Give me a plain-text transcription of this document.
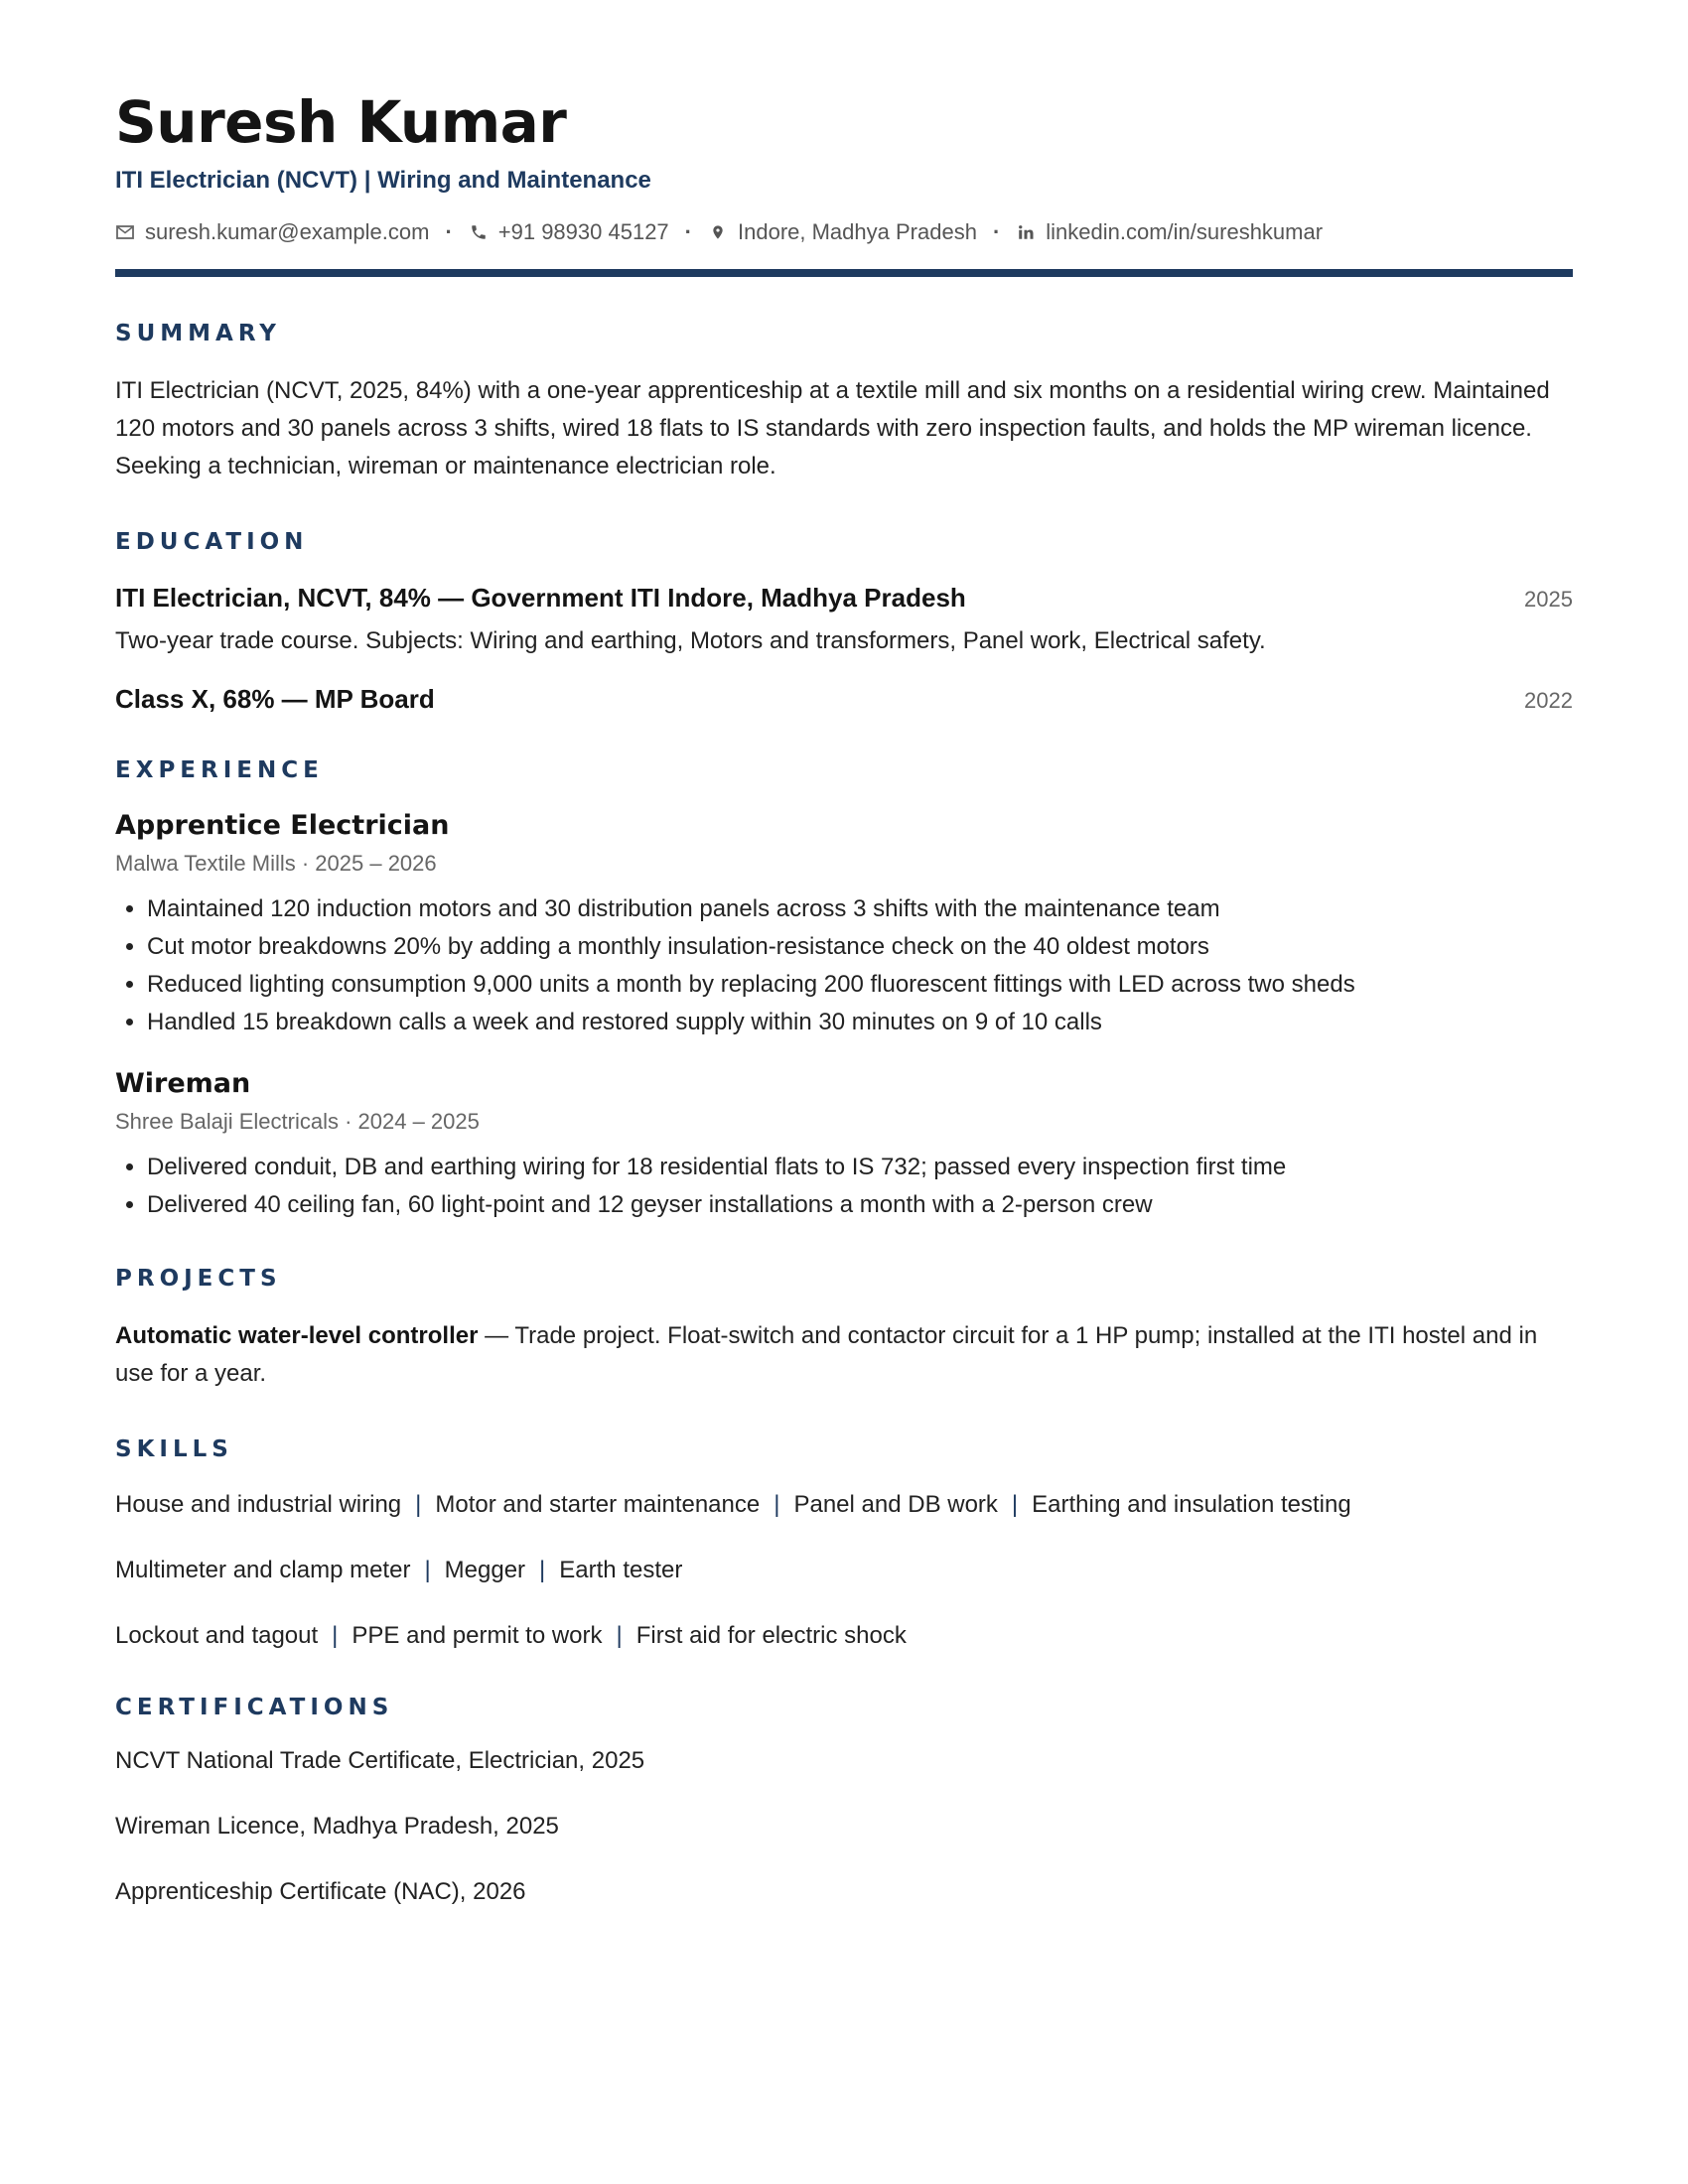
Suresh Kumar
ITI Electrician (NCVT) | Wiring and Maintenance
suresh.kumar@example.com · +91 98930 45127 · Indore, Madhya Pradesh · linkedin.com/in/sureshkumar
SUMMARY

ITI Electrician (NCVT, 2025, 84%) with a one-year apprenticeship at a textile mill and six months on a residential wiring crew. Maintained 120 motors and 30 panels across 3 shifts, wired 18 flats to IS standards with zero inspection faults, and holds the MP wireman licence. Seeking a technician, wireman or maintenance electrician role.

EDUCATION
ITI Electrician, NCVT, 84% — Government ITI Indore, Madhya Pradesh	2025
Two-year trade course. Subjects: Wiring and earthing, Motors and transformers, Panel work, Electrical safety.
Class X, 68% — MP Board	2022
EXPERIENCE
Apprentice Electrician
Malwa Textile Mills · 2025 – 2026
• Maintained 120 induction motors and 30 distribution panels across 3 shifts with the maintenance team
• Cut motor breakdowns 20% by adding a monthly insulation-resistance check on the 40 oldest motors
• Reduced lighting consumption 9,000 units a month by replacing 200 fluorescent fittings with LED across two sheds
• Handled 15 breakdown calls a week and restored supply within 30 minutes on 9 of 10 calls
Wireman
Shree Balaji Electricals · 2024 – 2025
• Delivered conduit, DB and earthing wiring for 18 residential flats to IS 732; passed every inspection first time
• Delivered 40 ceiling fan, 60 light-point and 12 geyser installations a month with a 2-person crew
PROJECTS

Automatic water-level controller — Trade project. Float-switch and contactor circuit for a 1 HP pump; installed at the ITI hostel and in use for a year.

SKILLS
House and industrial wiring | Motor and starter maintenance | Panel and DB work | Earthing and insulation testing
Multimeter and clamp meter | Megger | Earth tester
Lockout and tagout | PPE and permit to work | First aid for electric shock
CERTIFICATIONS
NCVT National Trade Certificate, Electrician, 2025
Wireman Licence, Madhya Pradesh, 2025
Apprenticeship Certificate (NAC), 2026
